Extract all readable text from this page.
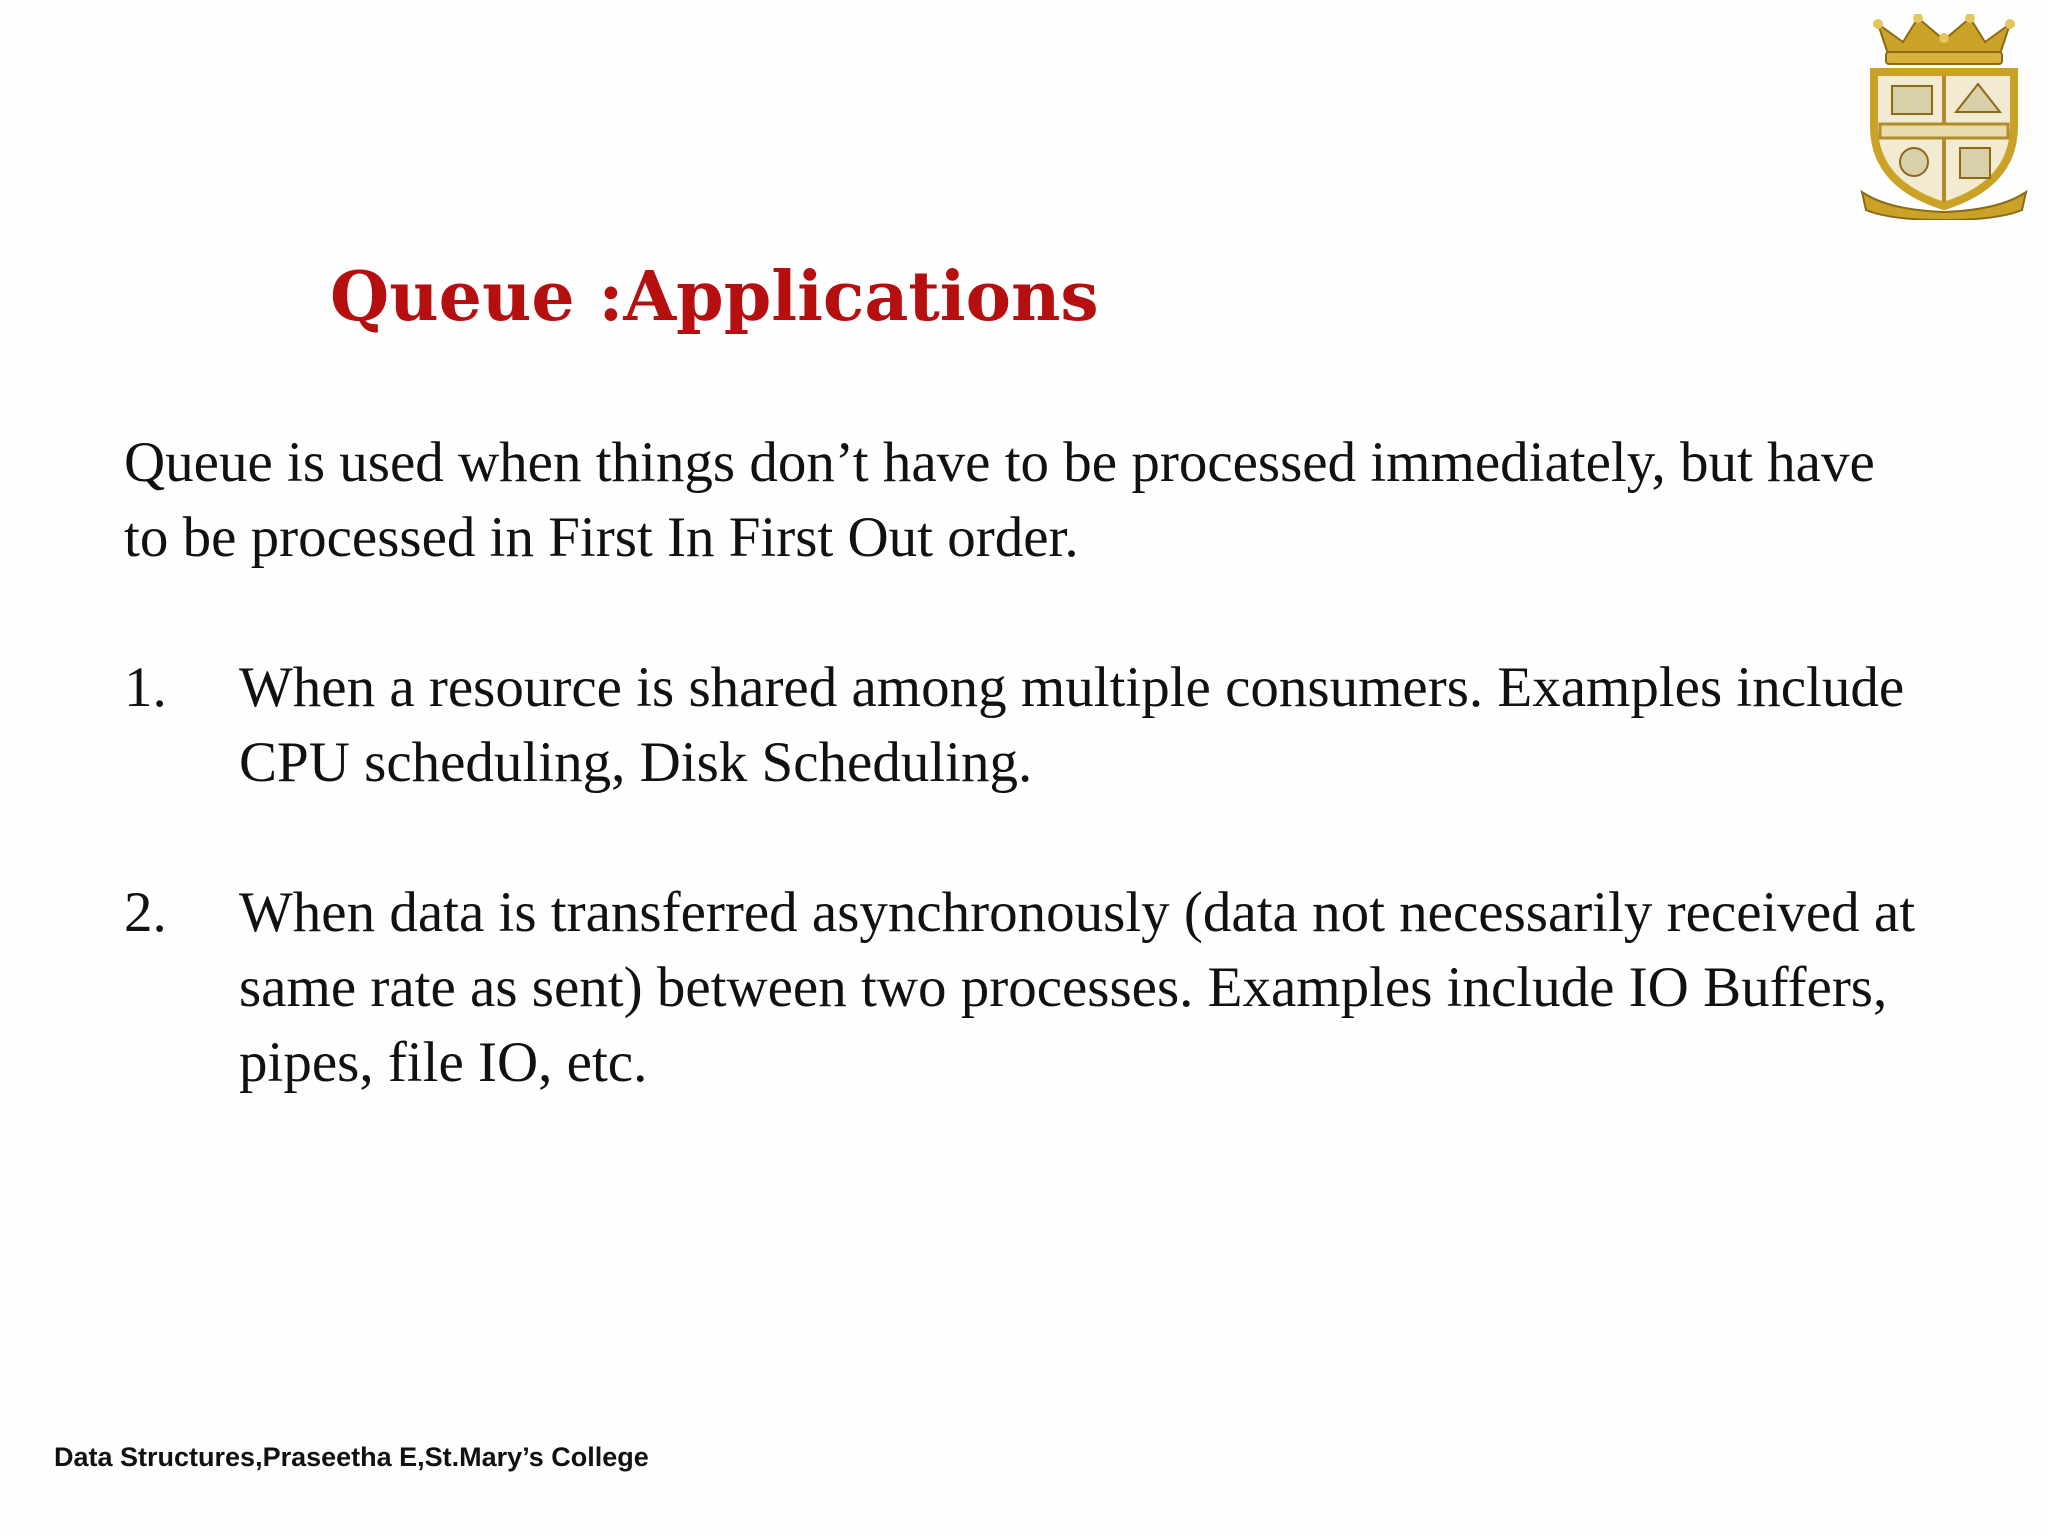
Queue :Applications

Queue is used when things don’t have to be processed immediately, but have to be processed in First In First Out order.

1. When a resource is shared among multiple consumers. Examples include CPU scheduling, Disk Scheduling.
2. When data is transferred asynchronously (data not necessarily received at same rate as sent) between two processes. Examples include IO Buffers, pipes, file IO, etc.

Data Structures,Praseetha E,St.Mary’s College
